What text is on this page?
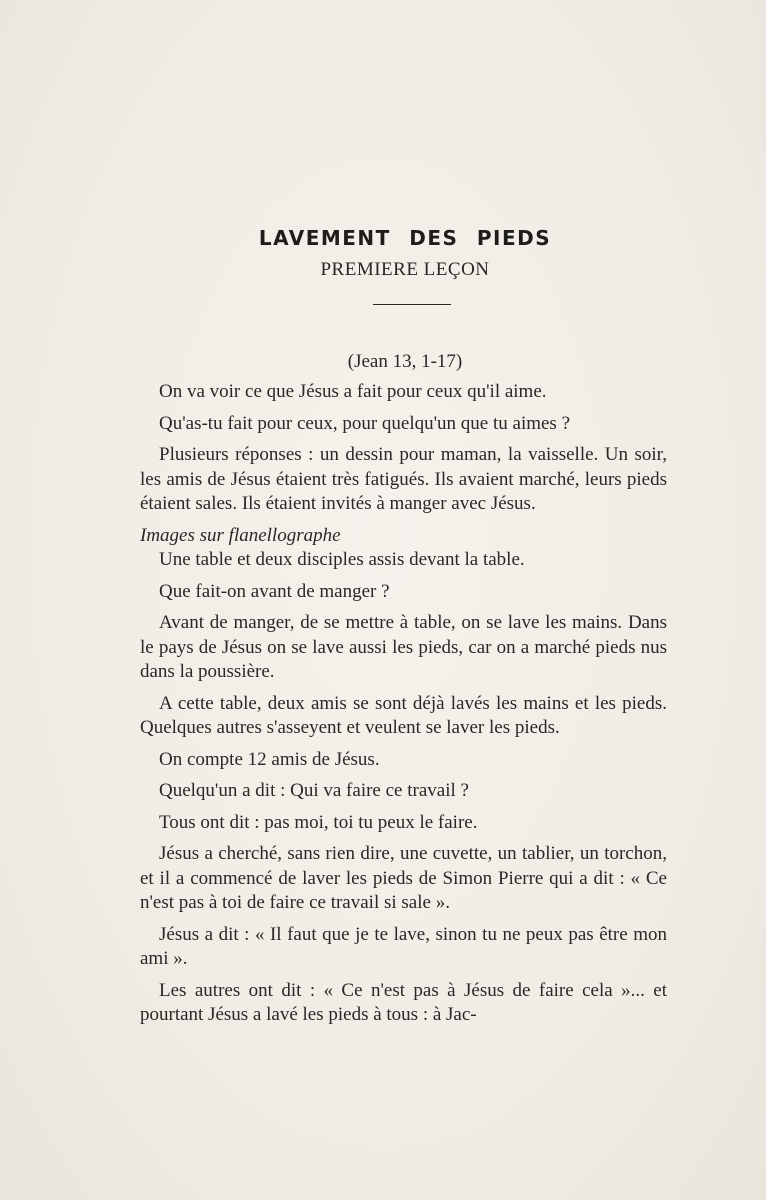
LAVEMENT DES PIEDS
PREMIERE LEÇON
(Jean 13, 1-17)

On va voir ce que Jésus a fait pour ceux qu'il aime.

Qu'as-tu fait pour ceux, pour quelqu'un que tu aimes ?

Plusieurs réponses : un dessin pour maman, la vaisselle. Un soir, les amis de Jésus étaient très fatigués. Ils avaient marché, leurs pieds étaient sales. Ils étaient invités à manger avec Jésus.

Images sur flanellographe

Une table et deux disciples assis devant la table.

Que fait-on avant de manger ?

Avant de manger, de se mettre à table, on se lave les mains. Dans le pays de Jésus on se lave aussi les pieds, car on a marché pieds nus dans la poussière.

A cette table, deux amis se sont déjà lavés les mains et les pieds. Quelques autres s'asseyent et veulent se laver les pieds.

On compte 12 amis de Jésus.

Quelqu'un a dit : Qui va faire ce travail ?

Tous ont dit : pas moi, toi tu peux le faire.

Jésus a cherché, sans rien dire, une cuvette, un tablier, un torchon, et il a commencé de laver les pieds de Simon Pierre qui a dit : « Ce n'est pas à toi de faire ce travail si sale ».

Jésus a dit : « Il faut que je te lave, sinon tu ne peux pas être mon ami ».

Les autres ont dit : « Ce n'est pas à Jésus de faire cela »... et pourtant Jésus a lavé les pieds à tous : à Jac-
